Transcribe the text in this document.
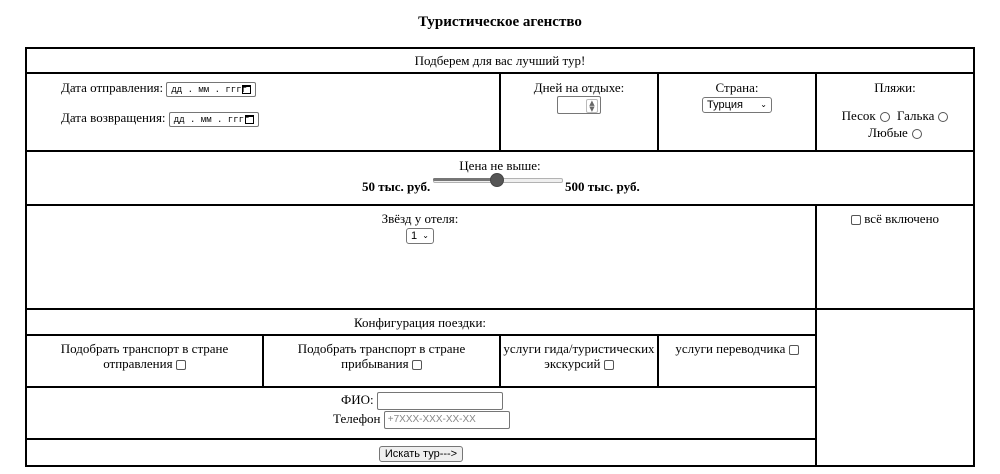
Туристическое агенство
Подберем для вас лучший тур!
Дата отправления: дд . мм . гггг
Дата возвращения: дд . мм . гггг
Дней на отдыхе:
▲
▼
Страна:
Турция ⌄
Пляжи:
Песок Галька
Любые
Цена не выше:
50 тыс. руб.	500 тыс. руб.
Звёзд у отеля:
1 ⌄
всё включено
Конфигурация поездки:
Подобрать транспорт в стране отправления
Подобрать транспорт в стране прибывания
услуги гида/туристических экскурсий
услуги переводчика
ФИО:
Телефон +7XXX-XXX-XX-XX
Искать тур--->
